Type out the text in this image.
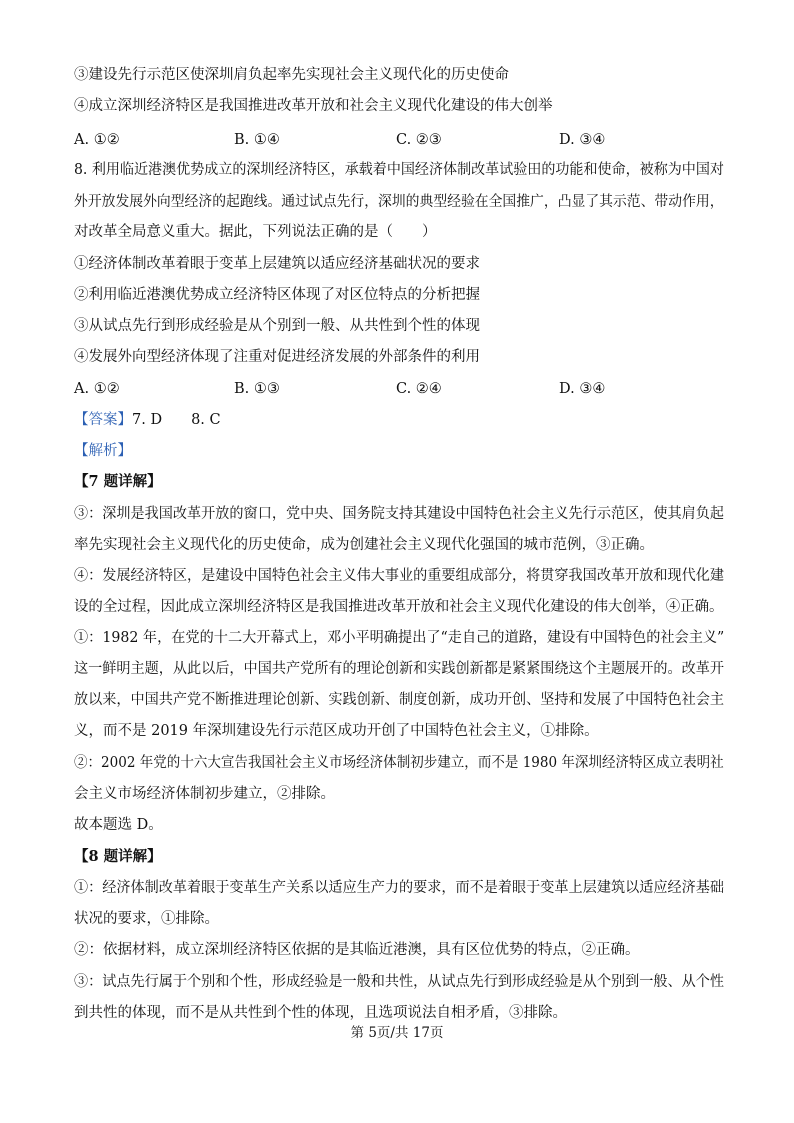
③建设先行示范区使深圳肩负起率先实现社会主义现代化的历史使命
④成立深圳经济特区是我国推进改革开放和社会主义现代化建设的伟大创举
A. ①②	B. ①④	C. ②③	D. ③④
8. 利用临近港澳优势成立的深圳经济特区，承载着中国经济体制改革试验田的功能和使命，被称为中国对
外开放发展外向型经济的起跑线。通过试点先行，深圳的典型经验在全国推广，凸显了其示范、带动作用，
对改革全局意义重大。据此，下列说法正确的是（　　）
①经济体制改革着眼于变革上层建筑以适应经济基础状况的要求
②利用临近港澳优势成立经济特区体现了对区位特点的分析把握
③从试点先行到形成经验是从个别到一般、从共性到个性的体现
④发展外向型经济体现了注重对促进经济发展的外部条件的利用
A. ①②	B. ①③	C. ②④	D. ③④
【答案】7. D　　8. C
【解析】
【7 题详解】
③：深圳是我国改革开放的窗口，党中央、国务院支持其建设中国特色社会主义先行示范区，使其肩负起
率先实现社会主义现代化的历史使命，成为创建社会主义现代化强国的城市范例，③正确。
④：发展经济特区，是建设中国特色社会主义伟大事业的重要组成部分，将贯穿我国改革开放和现代化建
设的全过程，因此成立深圳经济特区是我国推进改革开放和社会主义现代化建设的伟大创举，④正确。
①：1982 年，在党的十二大开幕式上，邓小平明确提出了“走自己的道路，建设有中国特色的社会主义”
这一鲜明主题，从此以后，中国共产党所有的理论创新和实践创新都是紧紧围绕这个主题展开的。改革开
放以来，中国共产党不断推进理论创新、实践创新、制度创新，成功开创、坚持和发展了中国特色社会主
义，而不是 2019 年深圳建设先行示范区成功开创了中国特色社会主义，①排除。
②：2002 年党的十六大宣告我国社会主义市场经济体制初步建立，而不是 1980 年深圳经济特区成立表明社
会主义市场经济体制初步建立，②排除。
故本题选 D。
【8 题详解】
①：经济体制改革着眼于变革生产关系以适应生产力的要求，而不是着眼于变革上层建筑以适应经济基础
状况的要求，①排除。
②：依据材料，成立深圳经济特区依据的是其临近港澳，具有区位优势的特点，②正确。
③：试点先行属于个别和个性，形成经验是一般和共性，从试点先行到形成经验是从个别到一般、从个性
到共性的体现，而不是从共性到个性的体现，且选项说法自相矛盾，③排除。
第 5页/共 17页
